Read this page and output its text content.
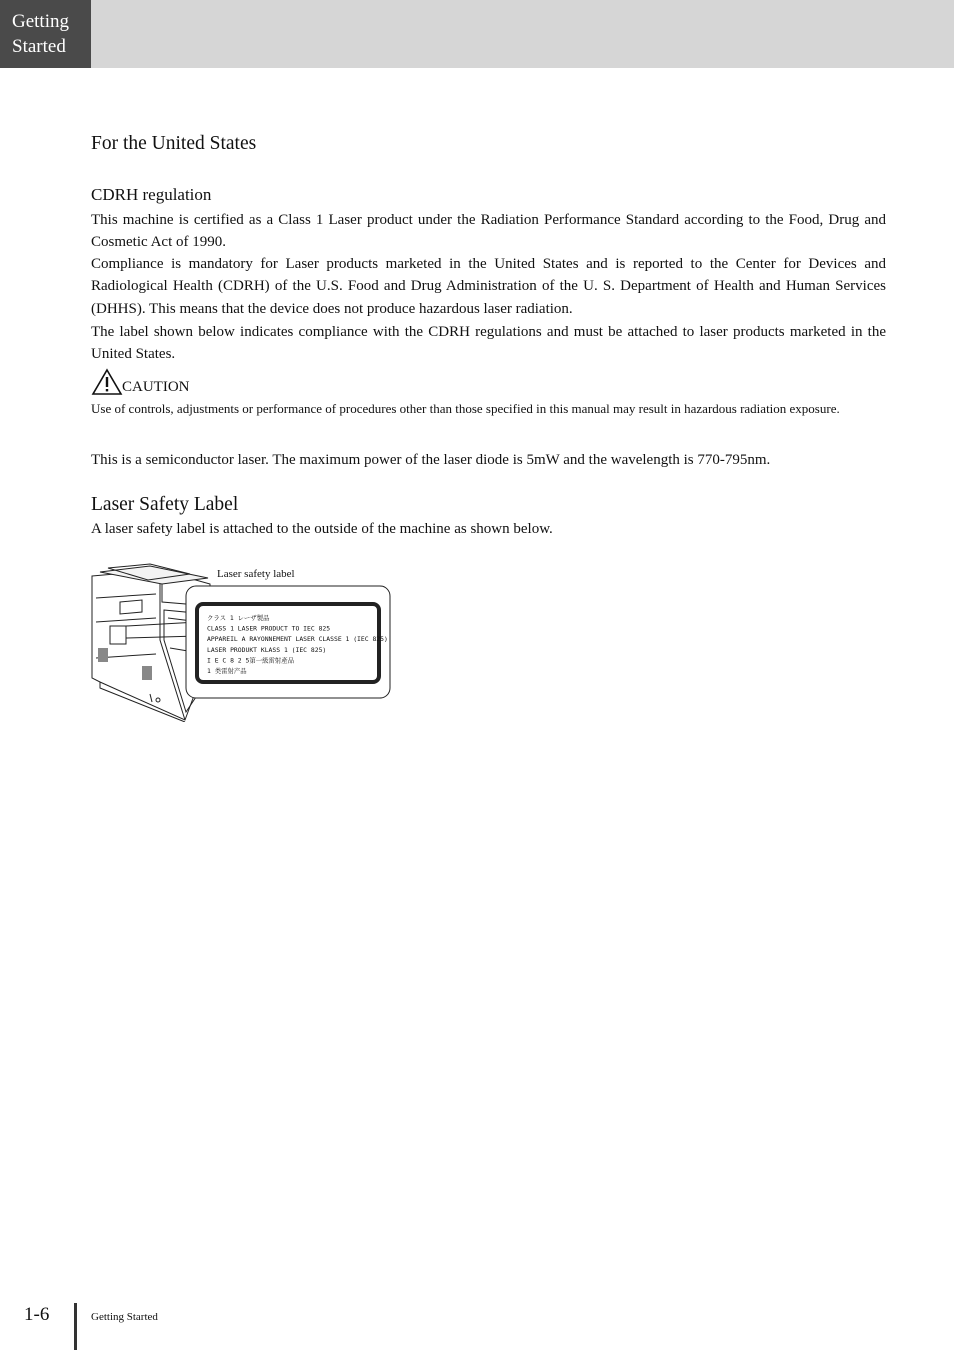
Getting
Started
For the United States
CDRH regulation
This machine is certified as a Class 1 Laser product under the Radiation Performance Standard according to the Food, Drug and Cosmetic Act of 1990.
Compliance is mandatory for Laser products marketed in the United States and is reported to the Center for Devices and Radiological Health (CDRH) of the U.S. Food and Drug Administration of the U. S. Department of Health and Human Services (DHHS). This means that the device does not produce hazardous laser radiation.
The label shown below indicates compliance with the CDRH regulations and must be attached to laser products marketed in the United States.
CAUTION
Use of controls, adjustments or performance of procedures other than those specified in this manual may result in hazardous radiation exposure.
This is a semiconductor laser. The maximum power of the laser diode is 5mW and the wavelength is 770-795nm.
Laser Safety Label
A laser safety label is attached to the outside of the machine as shown below.
Laser safety label
クラス 1 レーザ製品
CLASS 1 LASER PRODUCT TO IEC 825
APPAREIL A RAYONNEMENT LASER CLASSE 1 (IEC 825)
LASER PRODUKT KLASS 1 (IEC 825)
I E C 8 2 5第一級雷射產品
1 类雷射产品
1-6	Getting Started
